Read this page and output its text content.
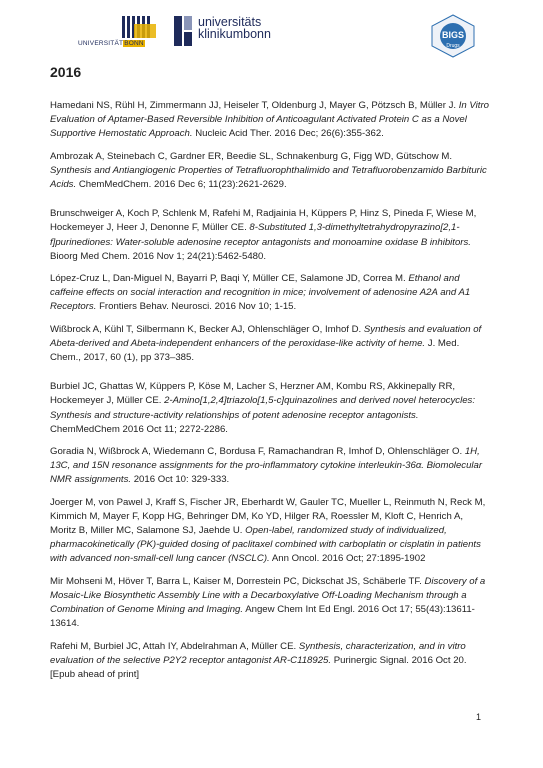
UNIVERSITÄTBONN
universitäts
klinikumbonn	BIGS
Drugs
2016

Hamedani NS, Rühl H, Zimmermann JJ, Heiseler T, Oldenburg J, Mayer G, Pötzsch B, Müller J. In Vitro Evaluation of Aptamer-Based Reversible Inhibition of Anticoagulant Activated Protein C as a Novel Supportive Hemostatic Approach. Nucleic Acid Ther. 2016 Dec; 26(6):355-362.

Ambrozak A, Steinebach C, Gardner ER, Beedie SL, Schnakenburg G, Figg WD, Gütschow M. Synthesis and Antiangiogenic Properties of Tetrafluorophthalimido and Tetrafluorobenzamido Barbituric Acids. ChemMedChem. 2016 Dec 6; 11(23):2621-2629.

Brunschweiger A, Koch P, Schlenk M, Rafehi M, Radjainia H, Küppers P, Hinz S, Pineda F, Wiese M, Hockemeyer J, Heer J, Denonne F, Müller CE. 8-Substituted 1,3-dimethyltetrahydropyrazino[2,1-f]purinediones: Water-soluble adenosine receptor antagonists and monoamine oxidase B inhibitors. Bioorg Med Chem. 2016 Nov 1; 24(21):5462-5480.

López-Cruz L, Dan-Miguel N, Bayarri P, Baqi Y, Müller CE, Salamone JD, Correa M. Ethanol and caffeine effects on social interaction and recognition in mice; involvement of adenosine A2A and A1 Receptors. Frontiers Behav. Neurosci. 2016 Nov 10; 1-15.

Wißbrock A, Kühl T, Silbermann K, Becker AJ, Ohlenschläger O, Imhof D. Synthesis and evaluation of Abeta-derived and Abeta-independent enhancers of the peroxidase-like activity of heme. J. Med. Chem., 2017, 60 (1), pp 373–385.

Burbiel JC, Ghattas W, Küppers P, Köse M, Lacher S, Herzner AM, Kombu RS, Akkinepally RR, Hockemeyer J, Müller CE. 2-Amino[1,2,4]triazolo[1,5-c]quinazolines and derived novel heterocycles: Synthesis and structure-activity relationships of potent adenosine receptor antagonists. ChemMedChem 2016 Oct 11; 2272-2286.

Goradia N, Wißbrock A, Wiedemann C, Bordusa F, Ramachandran R, Imhof D, Ohlenschläger O. 1H, 13C, and 15N resonance assignments for the pro-inflammatory cytokine interleukin-36α. Biomolecular NMR assignments. 2016 Oct 10: 329-333.

Joerger M, von Pawel J, Kraff S, Fischer JR, Eberhardt W, Gauler TC, Mueller L, Reinmuth N, Reck M, Kimmich M, Mayer F, Kopp HG, Behringer DM, Ko YD, Hilger RA, Roessler M, Kloft C, Henrich A, Moritz B, Miller MC, Salamone SJ, Jaehde U. Open-label, randomized study of individualized, pharmacokinetically (PK)-guided dosing of paclitaxel combined with carboplatin or cisplatin in patients with advanced non-small-cell lung cancer (NSCLC). Ann Oncol. 2016 Oct; 27:1895-1902

Mir Mohseni M, Höver T, Barra L, Kaiser M, Dorrestein PC, Dickschat JS, Schäberle TF. Discovery of a Mosaic-Like Biosynthetic Assembly Line with a Decarboxylative Off-Loading Mechanism through a Combination of Genome Mining and Imaging. Angew Chem Int Ed Engl. 2016 Oct 17; 55(43):13611-13614.

Rafehi M, Burbiel JC, Attah IY, Abdelrahman A, Müller CE. Synthesis, characterization, and in vitro evaluation of the selective P2Y2 receptor antagonist AR-C118925. Purinergic Signal. 2016 Oct 20. [Epub ahead of print]

1
